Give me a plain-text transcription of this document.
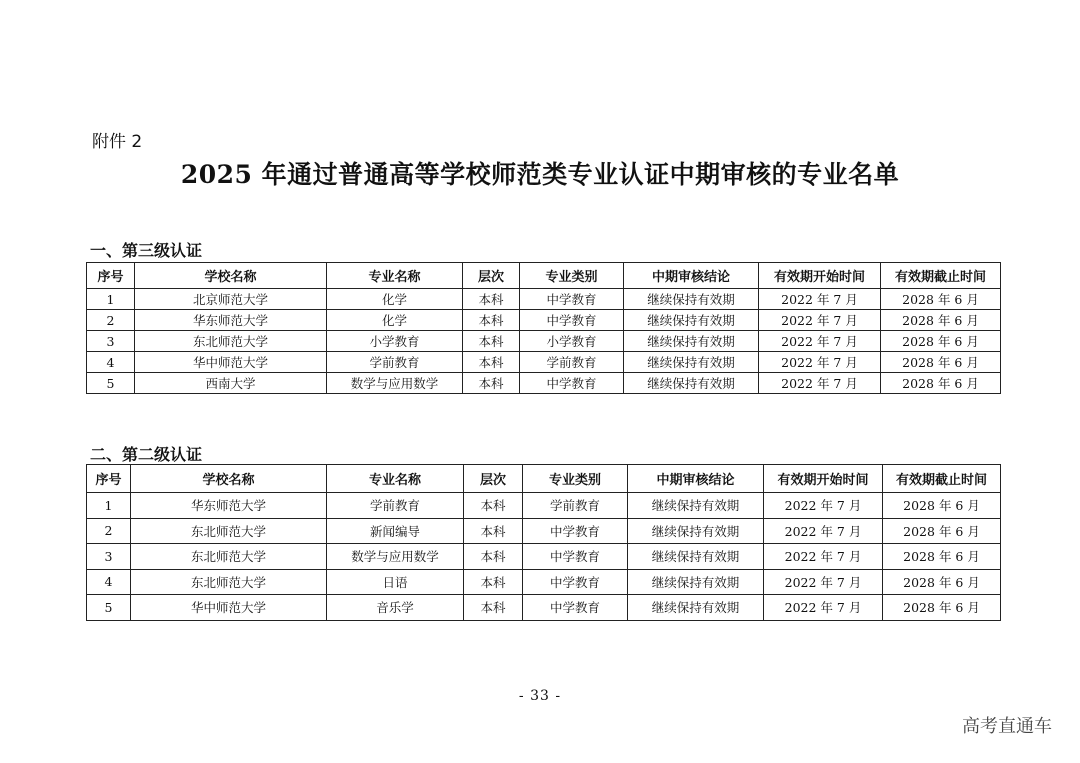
附件 2
2025 年通过普通高等学校师范类专业认证中期审核的专业名单
一、第三级认证
序号	学校名称	专业名称	层次	专业类别	中期审核结论	有效期开始时间	有效期截止时间
1	北京师范大学	化学	本科	中学教育	继续保持有效期	2022 年 7 月	2028 年 6 月
2	华东师范大学	化学	本科	中学教育	继续保持有效期	2022 年 7 月	2028 年 6 月
3	东北师范大学	小学教育	本科	小学教育	继续保持有效期	2022 年 7 月	2028 年 6 月
4	华中师范大学	学前教育	本科	学前教育	继续保持有效期	2022 年 7 月	2028 年 6 月
5	西南大学	数学与应用数学	本科	中学教育	继续保持有效期	2022 年 7 月	2028 年 6 月
二、第二级认证
序号	学校名称	专业名称	层次	专业类别	中期审核结论	有效期开始时间	有效期截止时间
1	华东师范大学	学前教育	本科	学前教育	继续保持有效期	2022 年 7 月	2028 年 6 月
2	东北师范大学	新闻编导	本科	中学教育	继续保持有效期	2022 年 7 月	2028 年 6 月
3	东北师范大学	数学与应用数学	本科	中学教育	继续保持有效期	2022 年 7 月	2028 年 6 月
4	东北师范大学	日语	本科	中学教育	继续保持有效期	2022 年 7 月	2028 年 6 月
5	华中师范大学	音乐学	本科	中学教育	继续保持有效期	2022 年 7 月	2028 年 6 月
- 33 -
高考直通车
